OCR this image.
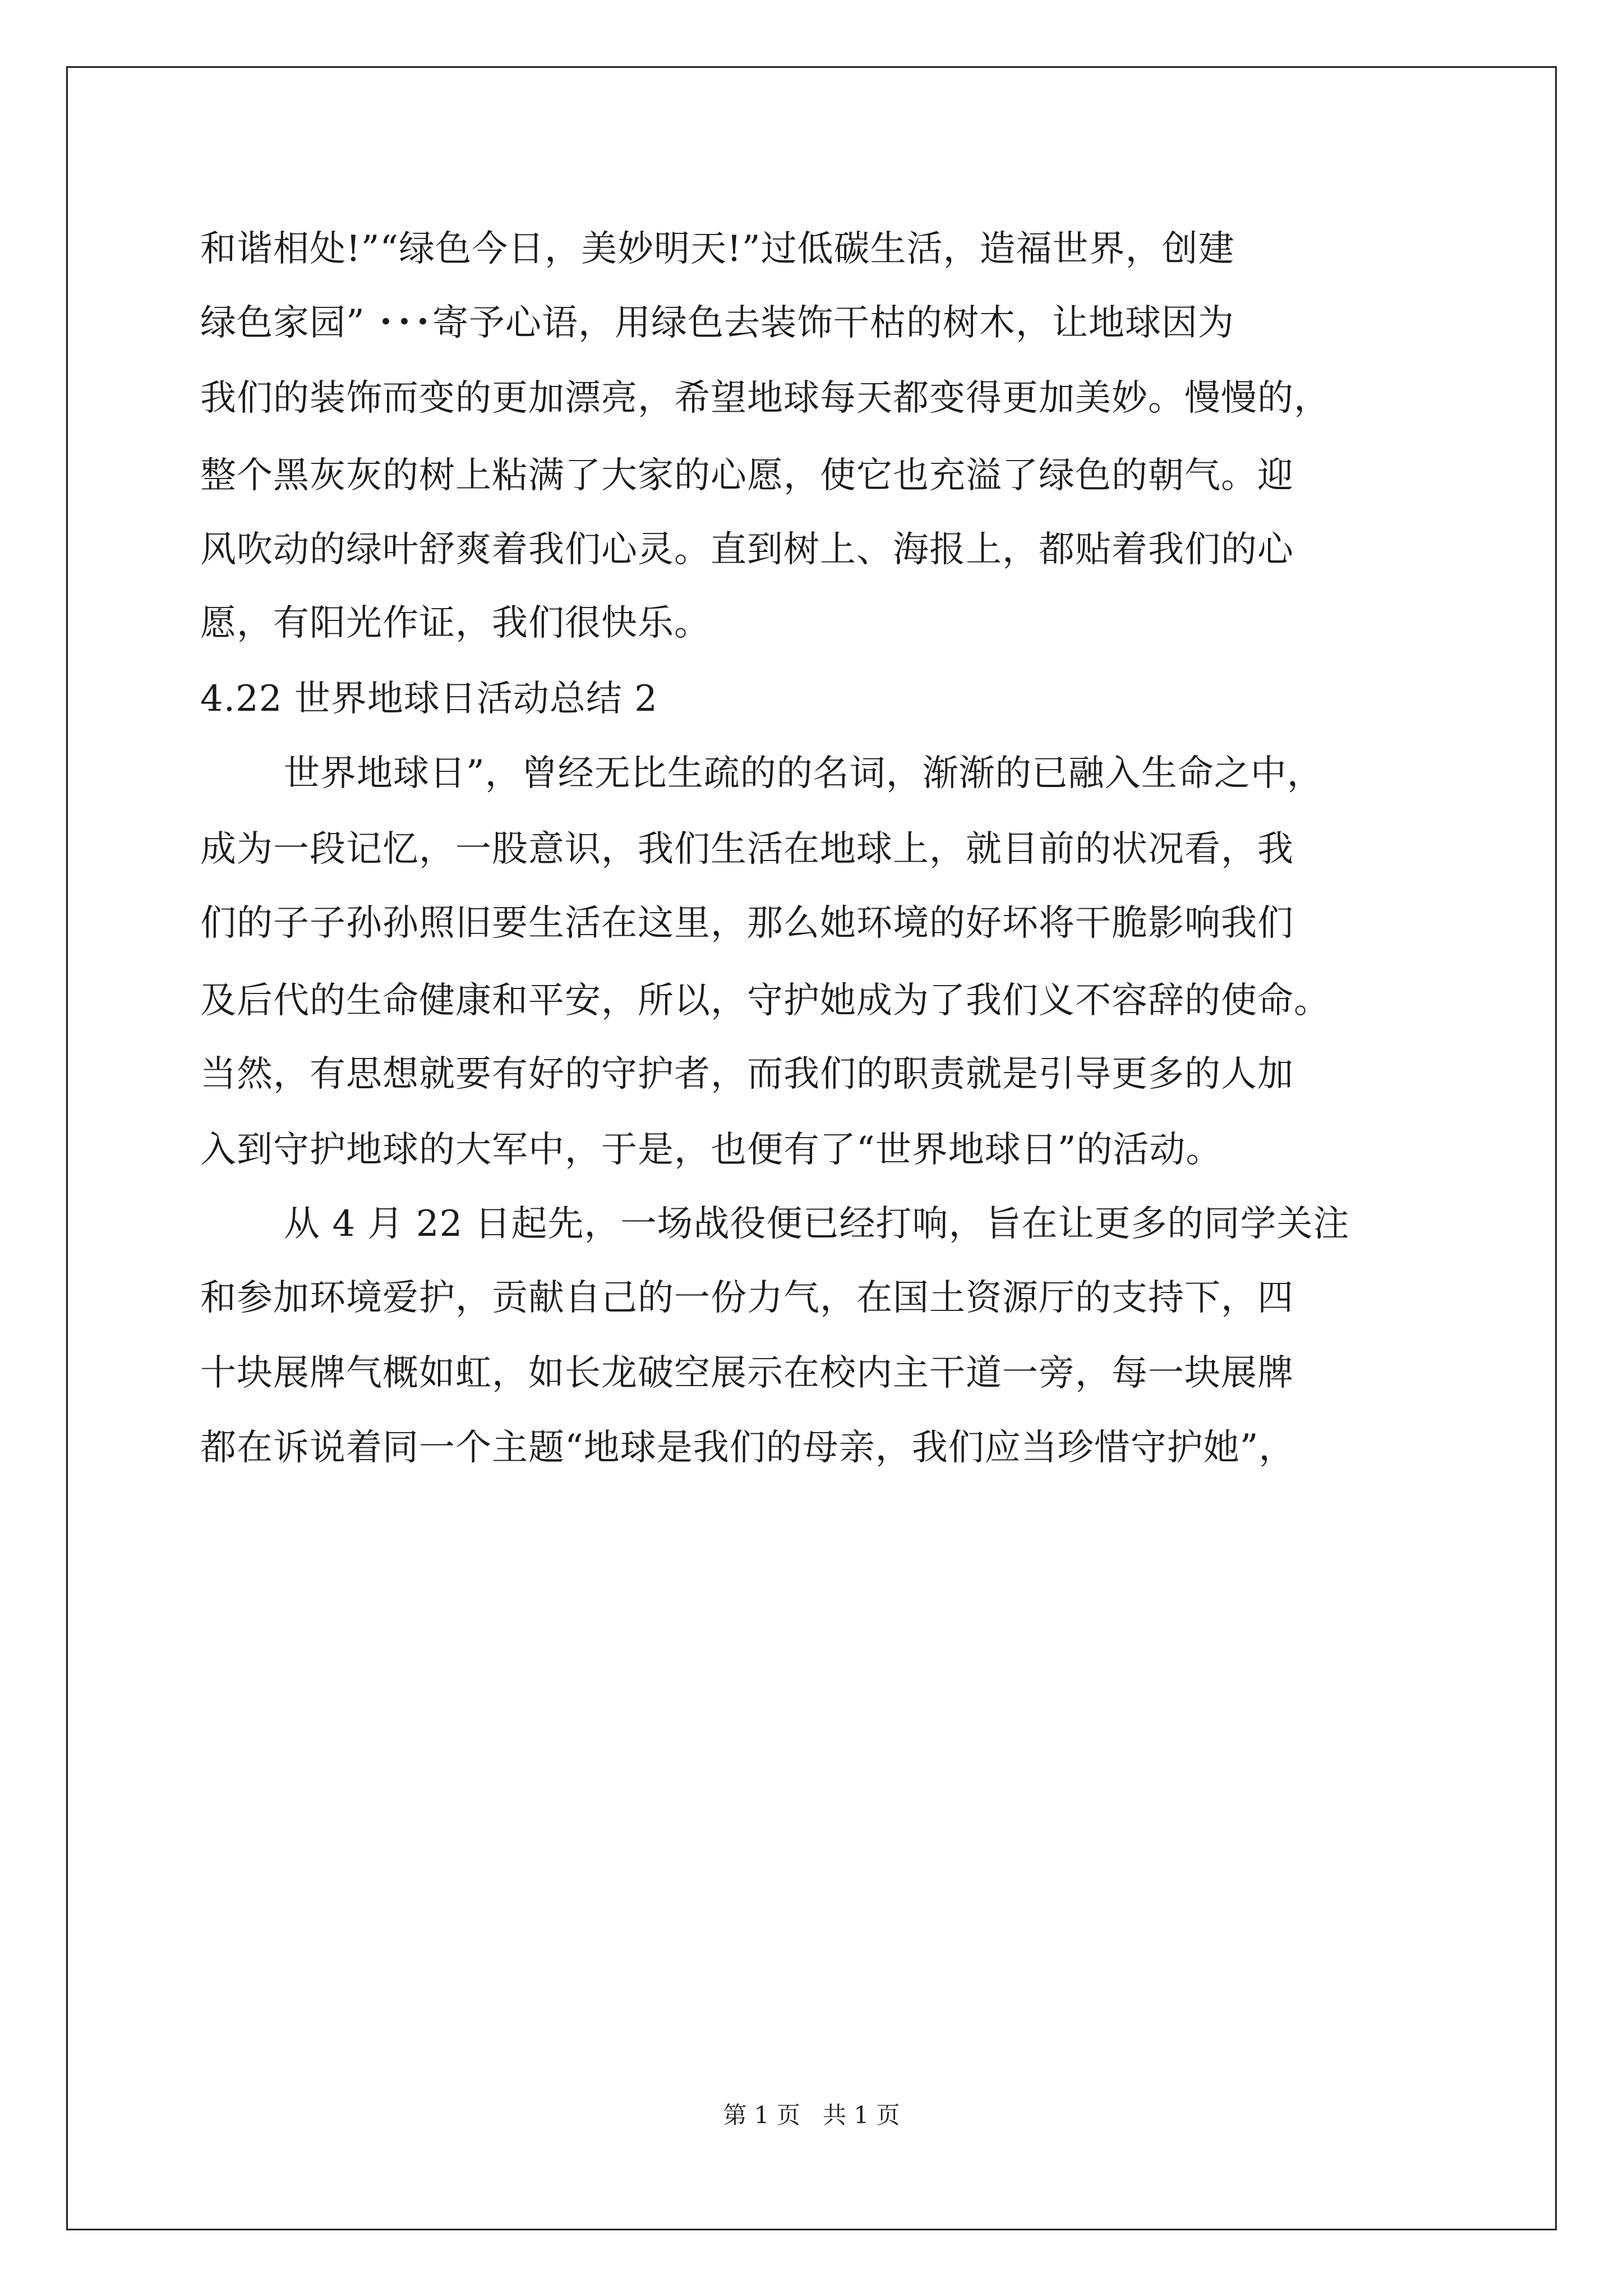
和谐相处!”“绿色今日，美妙明天!”过低碳生活，造福世界，创建
绿色家园” ･･･寄予心语，用绿色去装饰干枯的树木，让地球因为
我们的装饰而变的更加漂亮，希望地球每天都变得更加美妙。慢慢的，
整个黑灰灰的树上粘满了大家的心愿，使它也充溢了绿色的朝气。迎
风吹动的绿叶舒爽着我们心灵。直到树上、海报上，都贴着我们的心
愿，有阳光作证，我们很快乐。
4.22 世界地球日活动总结 2
世界地球日”，曾经无比生疏的的名词，渐渐的已融入生命之中，
成为一段记忆，一股意识，我们生活在地球上，就目前的状况看，我
们的子子孙孙照旧要生活在这里，那么她环境的好坏将干脆影响我们
及后代的生命健康和平安，所以，守护她成为了我们义不容辞的使命。
当然，有思想就要有好的守护者，而我们的职责就是引导更多的人加
入到守护地球的大军中，于是，也便有了“世界地球日”的活动。
从 4 月 22 日起先，一场战役便已经打响，旨在让更多的同学关注
和参加环境爱护，贡献自己的一份力气，在国土资源厅的支持下，四
十块展牌气概如虹，如长龙破空展示在校内主干道一旁，每一块展牌
都在诉说着同一个主题“地球是我们的母亲，我们应当珍惜守护她”，
第 1 页   共 1 页
